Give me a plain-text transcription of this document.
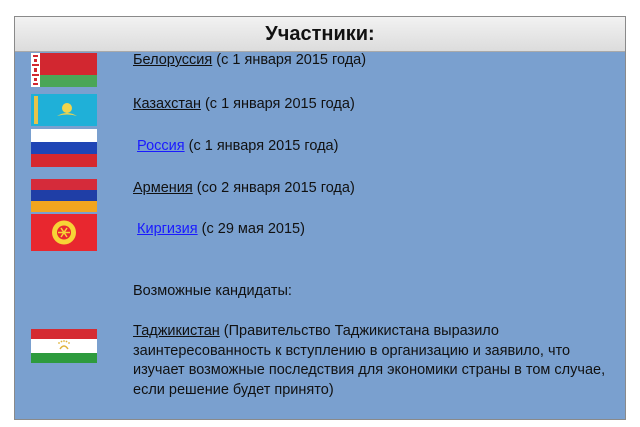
Участники:
Белоруссия (с 1 января 2015 года)
Казахстан (с 1 января 2015 года)
Россия (с 1 января 2015 года)
Армения (со 2 января 2015 года)
Киргизия (с 29 мая 2015)
Возможные кандидаты:
Таджикистан (Правительство Таджикистана выразило заинтересованность к вступлению в организацию и заявило, что изучает возможные последствия для экономики страны в том случае, если решение будет принято)
